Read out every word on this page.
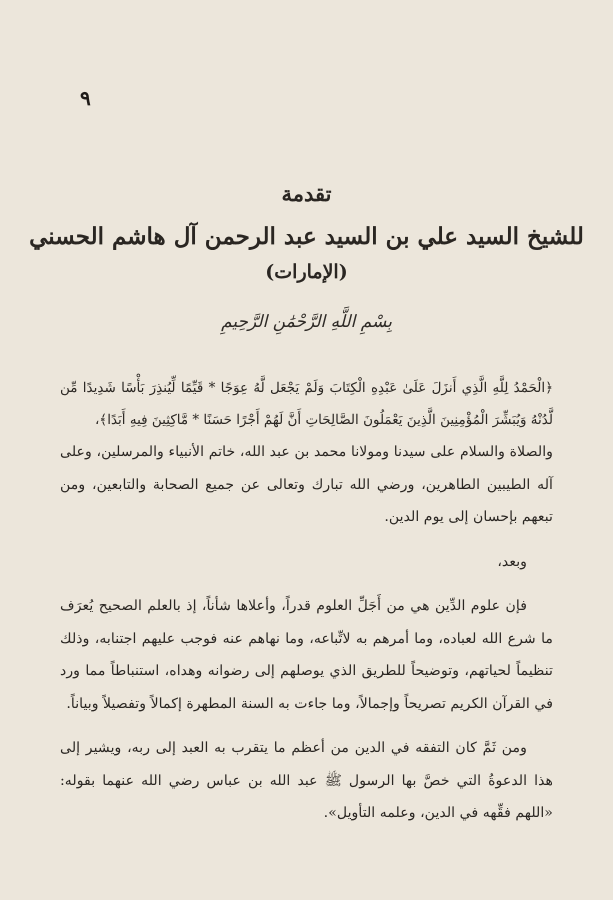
٩

تقدمة

للشيخ السيد علي بن السيد عبد الرحمن آل هاشم الحسني

(الإمارات)

بِسْمِ اللَّهِ الرَّحْمَٰنِ الرَّحِيمِ

﴿الْحَمْدُ لِلَّهِ الَّذِي أَنزَلَ عَلَىٰ عَبْدِهِ الْكِتَابَ وَلَمْ يَجْعَل لَّهُ عِوَجًا * قَيِّمًا لِّيُنذِرَ بَأْسًا شَدِيدًا مِّن لَّدُنْهُ وَيُبَشِّرَ الْمُؤْمِنِينَ الَّذِينَ يَعْمَلُونَ الصَّالِحَاتِ أَنَّ لَهُمْ أَجْرًا حَسَنًا * مَّاكِثِينَ فِيهِ أَبَدًا﴾،

والصلاة والسلام على سيدنا ومولانا محمد بن عبد الله، خاتم الأنبياء والمرسلين، وعلى آله الطيبين الطاهرين، ورضي الله تبارك وتعالى عن جميع الصحابة والتابعين، ومن تبعهم بإحسان إلى يوم الدين.

وبعد،

فإن علوم الدِّين هي من أَجَلِّ العلوم قدراً، وأعلاها شأناً، إذ بالعلم الصحيح يُعرَف ما شرع الله لعباده، وما أمرهم به لاتِّباعه، وما نهاهم عنه فوجب عليهم اجتنابه، وذلك تنظيماً لحياتهم، وتوضيحاً للطريق الذي يوصلهم إلى رضوانه وهداه، استنباطاً مما ورد في القرآن الكريم تصريحاً وإجمالاً، وما جاءت به السنة المطهرة إكمالاً وتفصيلاً وبياناً.

ومن ثَمَّ كان التفقه في الدين من أعظم ما يتقرب به العبد إلى ربه، ويشير إلى هذا الدعوةُ التي خصَّ بها الرسول ﷺ عبد الله بن عباس رضي الله عنهما بقوله: «اللهم فقِّهه في الدين، وعلمه التأويل».
